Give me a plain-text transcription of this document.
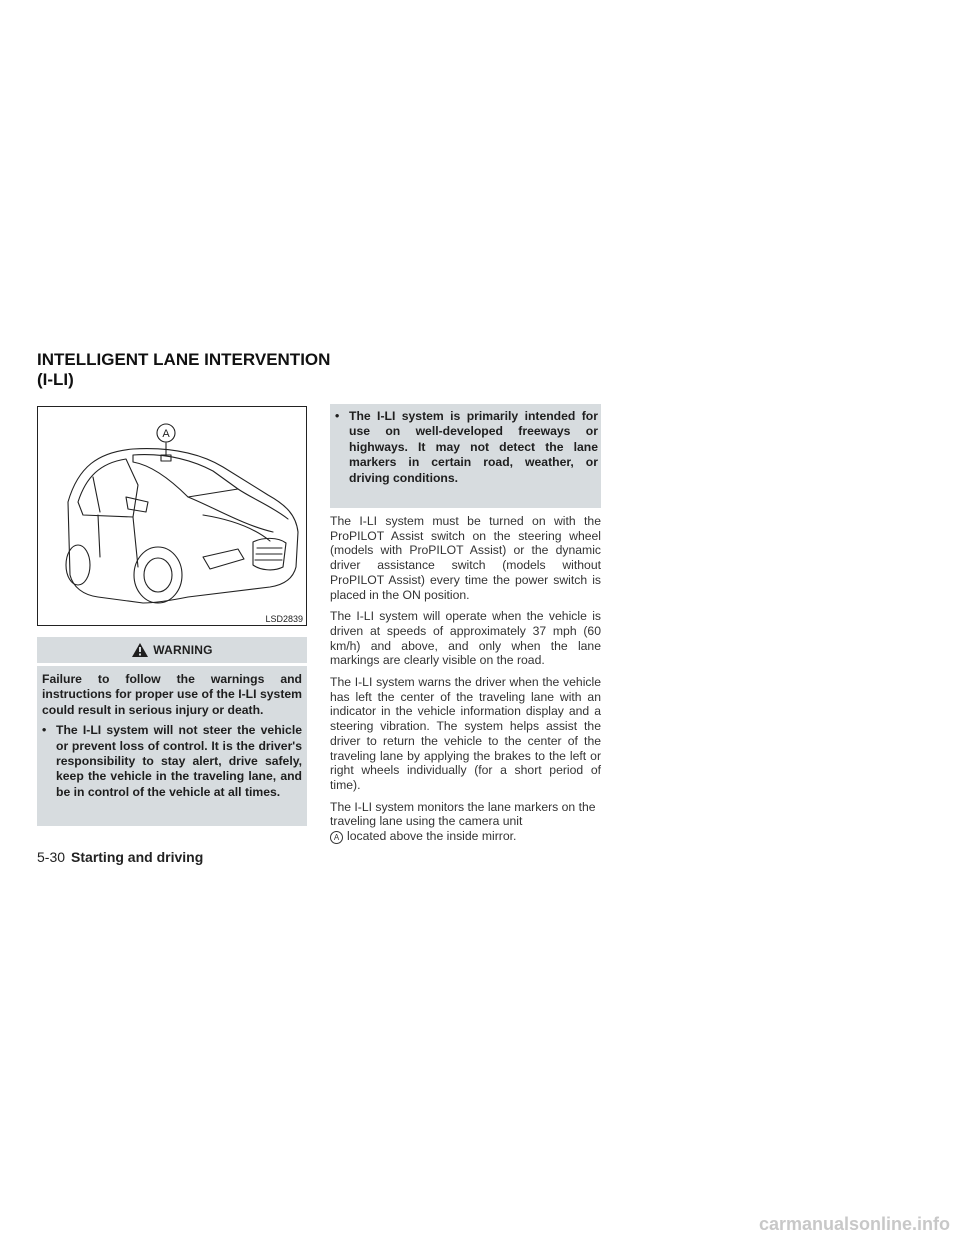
INTELLIGENT LANE INTERVENTION
(I-LI)
A
LSD2839
WARNING

Failure to follow the warnings and instructions for proper use of the I-LI system could result in serious injury or death.

• The I-LI system will not steer the vehicle or prevent loss of control. It is the driver's responsibility to stay alert, drive safely, keep the vehicle in the traveling lane, and be in control of the vehicle at all times.
• The I-LI system is primarily intended for use on well-developed freeways or highways. It may not detect the lane markers in certain road, weather, or driving conditions.

The I-LI system must be turned on with the ProPILOT Assist switch on the steering wheel (models with ProPILOT Assist) or the dynamic driver assistance switch (models without ProPILOT Assist) every time the power switch is placed in the ON position.

The I-LI system will operate when the vehicle is driven at speeds of approximately 37 mph (60 km/h) and above, and only when the lane markings are clearly visible on the road.

The I-LI system warns the driver when the vehicle has left the center of the traveling lane with an indicator in the vehicle information display and a steering vibration. The system helps assist the driver to return the vehicle to the center of the traveling lane by applying the brakes to the left or right wheels individually (for a short period of time).

The I-LI system monitors the lane markers on the traveling lane using the camera unit
A located above the inside mirror.

5-30 Starting and driving
carmanualsonline.info
